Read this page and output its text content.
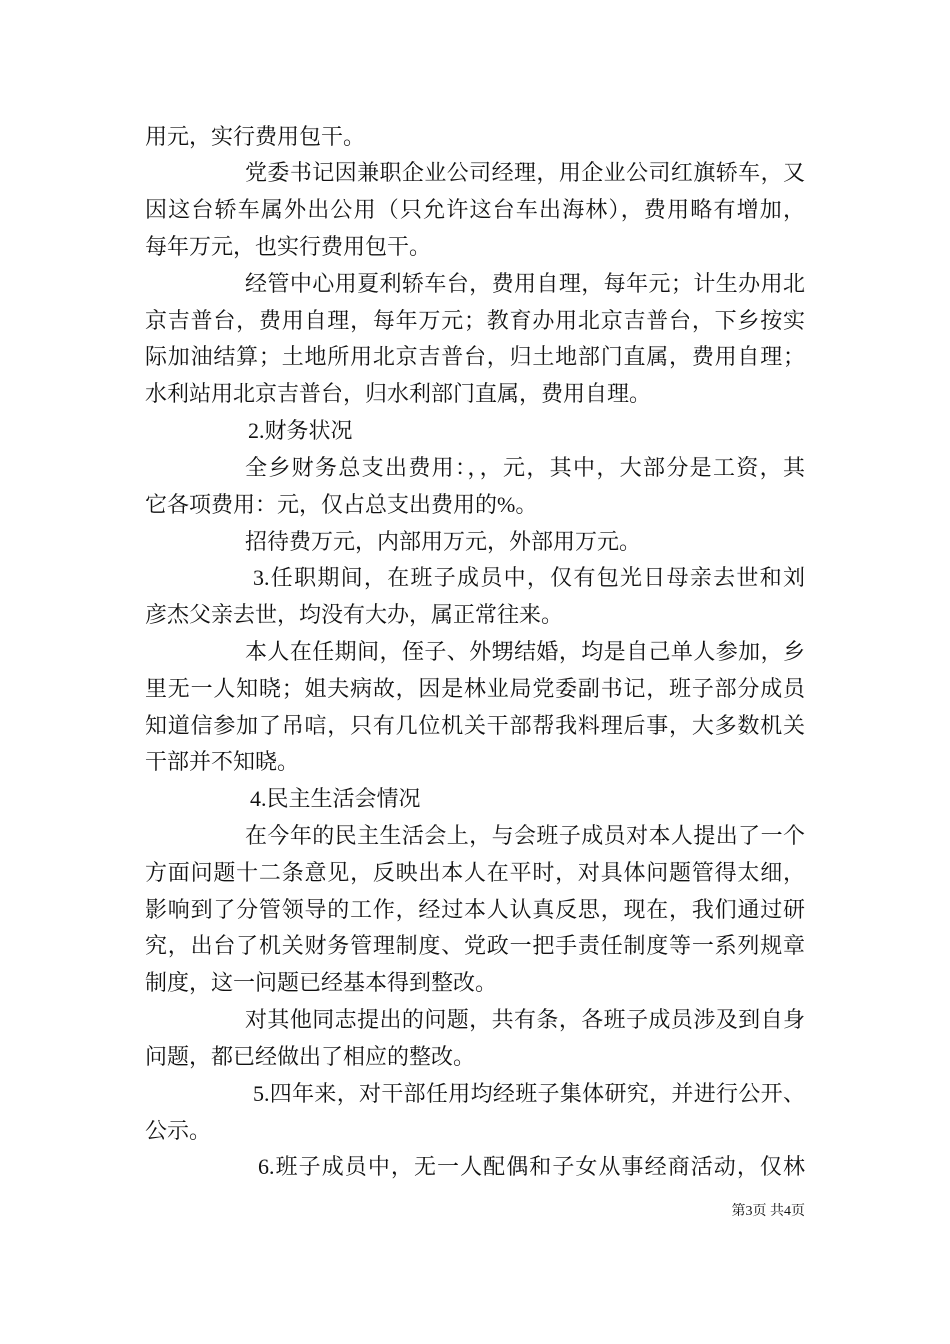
用元，实行费用包干。
党委书记因兼职企业公司经理，用企业公司红旗轿车，又
因这台轿车属外出公用（只允许这台车出海林），费用略有增加，
每年万元，也实行费用包干。
经管中心用夏利轿车台，费用自理，每年元；计生办用北
京吉普台，费用自理，每年万元；教育办用北京吉普台，下乡按实
际加油结算；土地所用北京吉普台，归土地部门直属，费用自理；
水利站用北京吉普台，归水利部门直属，费用自理。
2.财务状况
全乡财务总支出费用：，，元，其中，大部分是工资，其
它各项费用：元，仅占总支出费用的%。
招待费万元，内部用万元，外部用万元。
3.任职期间，在班子成员中，仅有包光日母亲去世和刘
彦杰父亲去世，均没有大办，属正常往来。
本人在任期间，侄子、外甥结婚，均是自己单人参加，乡
里无一人知晓；姐夫病故，因是林业局党委副书记，班子部分成员
知道信参加了吊唁，只有几位机关干部帮我料理后事，大多数机关
干部并不知晓。
4.民主生活会情况
在今年的民主生活会上，与会班子成员对本人提出了一个
方面问题十二条意见，反映出本人在平时，对具体问题管得太细，
影响到了分管领导的工作，经过本人认真反思，现在，我们通过研
究，出台了机关财务管理制度、党政一把手责任制度等一系列规章
制度，这一问题已经基本得到整改。
对其他同志提出的问题，共有条，各班子成员涉及到自身
问题，都已经做出了相应的整改。
5.四年来，对干部任用均经班子集体研究，并进行公开、
公示。
6.班子成员中，无一人配偶和子女从事经商活动，仅林
第3页 共4页
